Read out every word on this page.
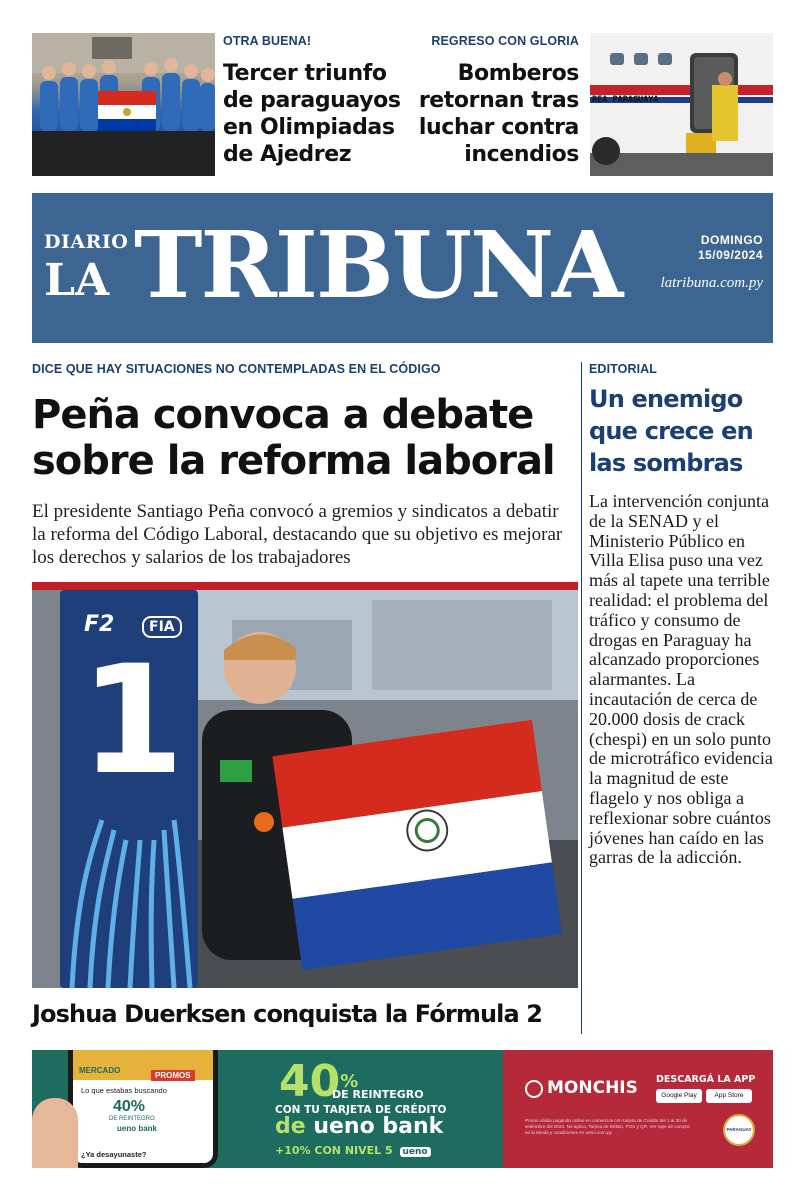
OTRA BUENA!
Tercer triunfo de paraguayos en Olimpiadas de Ajedrez
REGRESO CON GLORIA
Bomberos retornan tras luchar contra incendios
REA PARAGUAYA
DIARIO
LA TRIBUNA	DOMINGO
15/09/2024
latribuna.com.py
DICE QUE HAY SITUACIONES NO CONTEMPLADAS EN EL CÓDIGO
Peña convoca a debate sobre la reforma laboral
El presidente Santiago Peña convocó a gremios y sindicatos a debatir la reforma del Código Laboral, destacando que su objetivo es mejorar los derechos y salarios de los trabajadores
F2	FIA
1
Joshua Duerksen conquista la Fórmula 2
EDITORIAL
Un enemigo que crece en las sombras
La intervención conjunta de la SENAD y el Ministerio Público en Villa Elisa puso una vez más al tapete una terrible realidad: el problema del tráfico y consumo de drogas en Paraguay ha alcanzado proporciones alarmantes. La incautación de cerca de 20.000 dosis de crack (chespi) en un solo punto de microtráfico evidencia la magnitud de este flagelo y nos obliga a reflexionar sobre cuántos jóvenes han caído en las garras de la adicción.
MERCADO
PROMOS
Lo que estabas buscando
40%
DE REINTEGRO
ueno bank
¿Ya desayunaste?
40%
DE REINTEGRO
CON TU TARJETA DE CRÉDITO
de ueno bank
+10% CON NIVEL 5 ueno
MONCHIS DESCARGÁ LA APP
Google Play	App Store
Promo válida pagando online en comercios con tarjeta de Crédito del 1 al 30 de setiembre del 2024. No aplica, Tarjeta de Débito, POS y QR. Ver tope de compra en la tienda y condiciones en ueno.com.py
PARAGUAY
